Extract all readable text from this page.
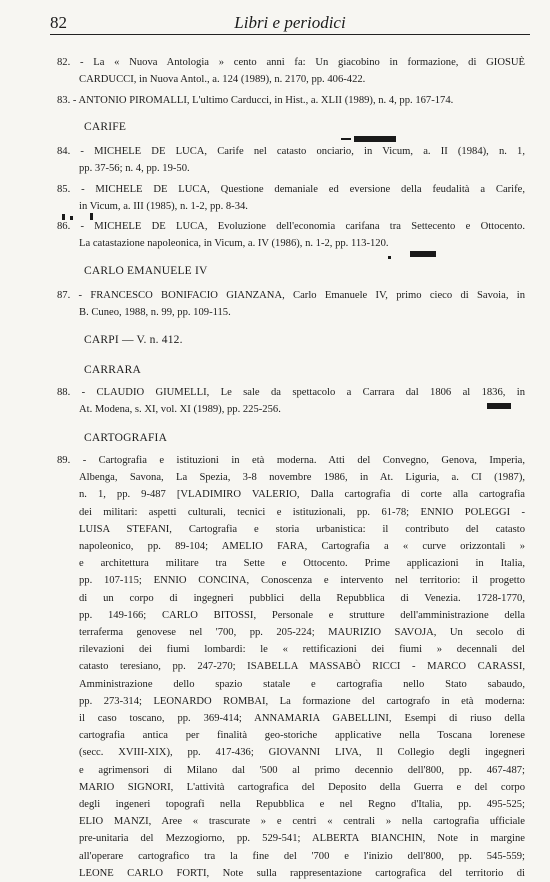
82	Libri e periodici
82. - La « Nuova Antologia » cento anni fa: Un giacobino in formazione, di GIOSUÈ
CARDUCCI, in Nuova Antol., a. 124 (1989), n. 2170, pp. 406-422.
83. - ANTONIO PIROMALLI, L'ultimo Carducci, in Hist., a. XLII (1989), n. 4, pp. 167-174.
CARIFE
84. - MICHELE DE LUCA, Carife nel catasto onciario, in Vicum, a. II (1984), n. 1,
pp. 37-56; n. 4, pp. 19-50.
85. - MICHELE DE LUCA, Questione demaniale ed eversione della feudalità a Carife,
in Vicum, a. III (1985), n. 1-2, pp. 8-34.
86. - MICHELE DE LUCA, Evoluzione dell'economia carifana tra Settecento e Ottocento.
La catastazione napoleonica, in Vicum, a. IV (1986), n. 1-2, pp. 113-120.
CARLO EMANUELE IV
87. - FRANCESCO BONIFACIO GIANZANA, Carlo Emanuele IV, primo cieco di Savoia, in
B. Cuneo, 1988, n. 99, pp. 109-115.
CARPI — V. n. 412.
CARRARA
88. - CLAUDIO GIUMELLI, Le sale da spettacolo a Carrara dal 1806 al 1836, in
At. Modena, s. XI, vol. XI (1989), pp. 225-256.
CARTOGRAFIA
89. - Cartografia e istituzioni in età moderna. Atti del Convegno, Genova, Imperia,
Albenga, Savona, La Spezia, 3-8 novembre 1986, in At. Liguria, a. CI (1987),
n. 1, pp. 9-487 [VLADIMIRO VALERIO, Dalla cartografia di corte alla cartografia
dei militari: aspetti culturali, tecnici e istituzionali, pp. 61-78; ENNIO POLEGGI -
LUISA STEFANI, Cartografia e storia urbanistica: il contributo del catasto
napoleonico, pp. 89-104; AMELIO FARA, Cartografia a « curve orizzontali »
e architettura militare tra Sette e Ottocento. Prime applicazioni in Italia,
pp. 107-115; ENNIO CONCINA, Conoscenza e intervento nel territorio: il progetto
di un corpo di ingegneri pubblici della Repubblica di Venezia. 1728-1770,
pp. 149-166; CARLO BITOSSI, Personale e strutture dell'amministrazione della
terraferma genovese nel '700, pp. 205-224; MAURIZIO SAVOJA, Un secolo di
rilevazioni dei fiumi lombardi: le « rettificazioni dei fiumi » decennali del
catasto teresiano, pp. 247-270; ISABELLA MASSABÒ RICCI - MARCO CARASSI,
Amministrazione dello spazio statale e cartografia nello Stato sabaudo,
pp. 273-314; LEONARDO ROMBAI, La formazione del cartografo in età moderna:
il caso toscano, pp. 369-414; ANNAMARIA GABELLINI, Esempi di riuso della
cartografia antica per finalità geo-storiche applicative nella Toscana lorenese
(secc. XVIII-XIX), pp. 417-436; GIOVANNI LIVA, Il Collegio degli ingegneri
e agrimensori di Milano dal '500 al primo decennio dell'800, pp. 467-487;
MARIO SIGNORI, L'attività cartografica del Deposito della Guerra e del corpo
degli ingeneri topografi nella Repubblica e nel Regno d'Italia, pp. 495-525;
ELIO MANZI, Aree « trascurate » e centri « centrali » nella cartografia ufficiale
pre-unitaria del Mezzogiorno, pp. 529-541; ALBERTA BIANCHIN, Note in margine
all'operare cartografico tra la fine del '700 e l'inizio dell'800, pp. 545-559;
LEONE CARLO FORTI, Note sulla rappresentazione cartografica del territorio di
